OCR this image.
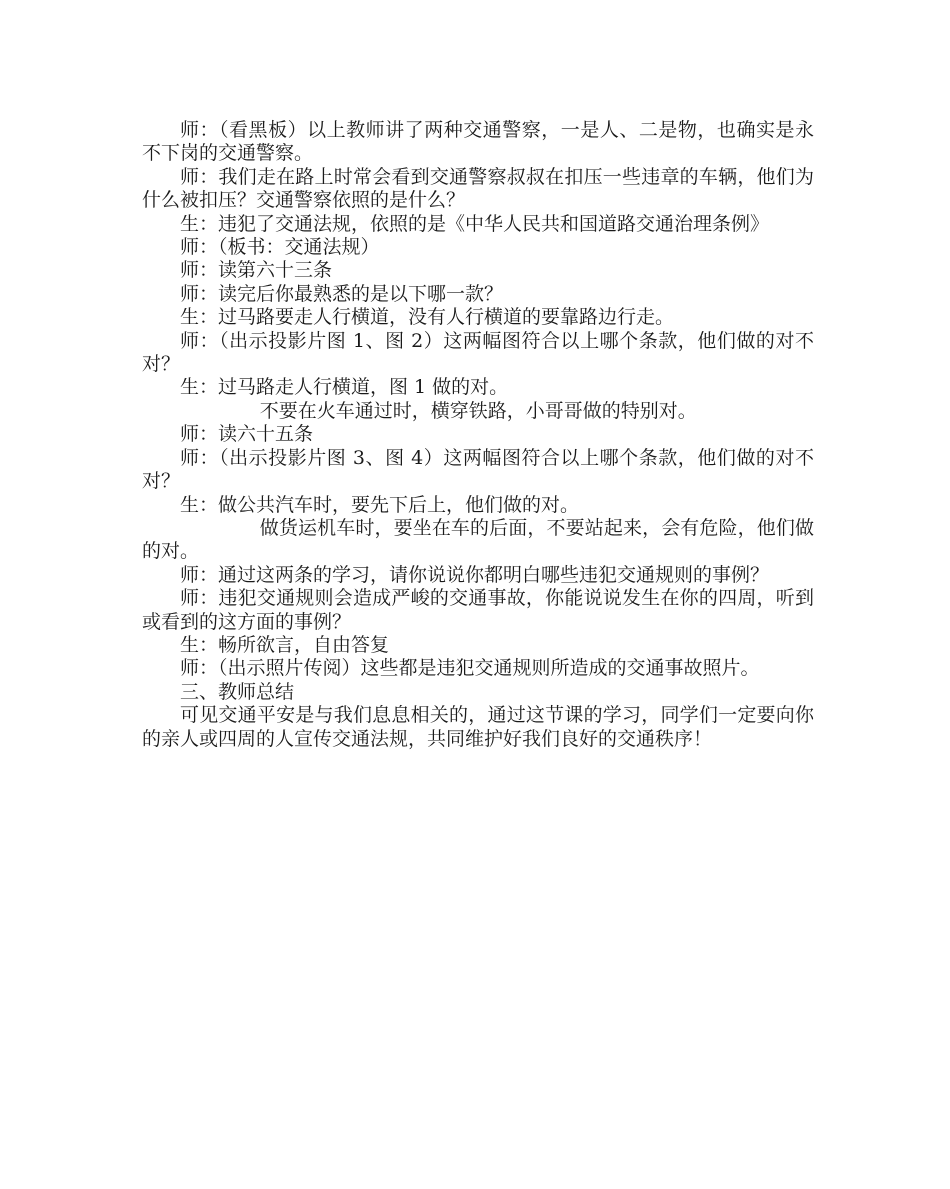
师：（看黑板）以上教师讲了两种交通警察，一是人、二是物，也确实是永不下岗的交通警察。

师：我们走在路上时常会看到交通警察叔叔在扣压一些违章的车辆，他们为什么被扣压？交通警察依照的是什么？

生：违犯了交通法规，依照的是《中华人民共和国道路交通治理条例》

师：（板书：交通法规）

师：读第六十三条

师：读完后你最熟悉的是以下哪一款？

生：过马路要走人行横道，没有人行横道的要靠路边行走。

师：（出示投影片图 1、图 2）这两幅图符合以上哪个条款，他们做的对不对？

生：过马路走人行横道，图 1 做的对。

不要在火车通过时，横穿铁路，小哥哥做的特别对。

师：读六十五条

师：（出示投影片图 3、图 4）这两幅图符合以上哪个条款，他们做的对不对？

生：做公共汽车时，要先下后上，他们做的对。

做货运机车时，要坐在车的后面，不要站起来，会有危险，他们做的对。

师：通过这两条的学习，请你说说你都明白哪些违犯交通规则的事例？

师：违犯交通规则会造成严峻的交通事故，你能说说发生在你的四周，听到或看到的这方面的事例？

生：畅所欲言，自由答复

师：（出示照片传阅）这些都是违犯交通规则所造成的交通事故照片。

三、教师总结

可见交通平安是与我们息息相关的，通过这节课的学习，同学们一定要向你的亲人或四周的人宣传交通法规，共同维护好我们良好的交通秩序！
